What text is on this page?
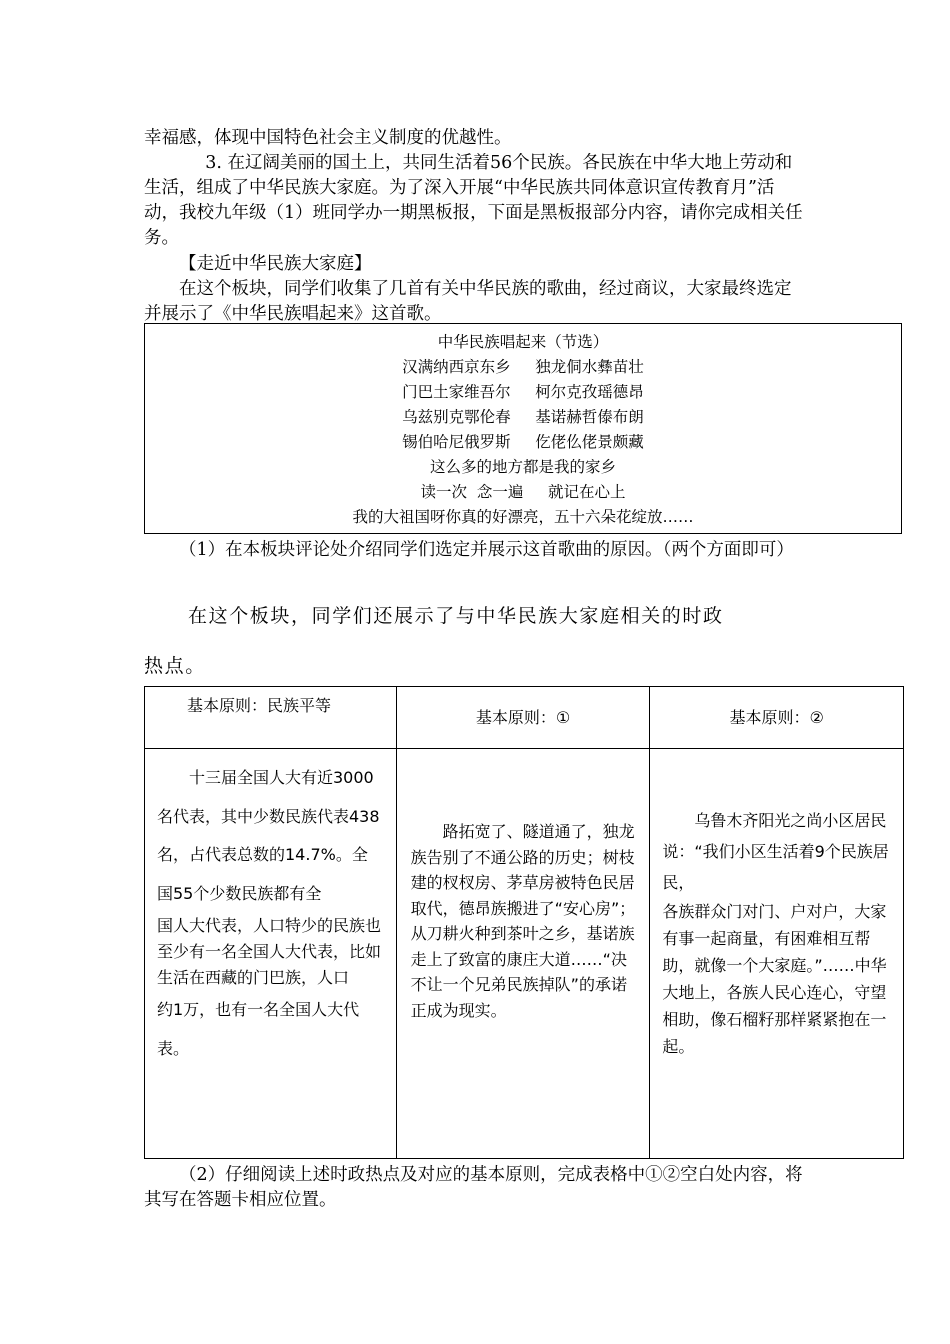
幸福感，体现中国特色社会主义制度的优越性。

3. 在辽阔美丽的国土上，共同生活着56个民族。各民族在中华大地上劳动和生活，组成了中华民族大家庭。为了深入开展“中华民族共同体意识宣传教育月”活动，我校九年级（1）班同学办一期黑板报，下面是黑板报部分内容，请你完成相关任务。

【走近中华民族大家庭】

在这个板块，同学们收集了几首有关中华民族的歌曲，经过商议，大家最终选定并展示了《中华民族唱起来》这首歌。

中华民族唱起来（节选）
汉满纳西京东乡     独龙侗水彝苗壮
门巴土家维吾尔     柯尔克孜瑶德昂
乌兹别克鄂伦春     基诺赫哲傣布朗
锡伯哈尼俄罗斯     仡佬仫佬景颇藏
这么多的地方都是我的家乡
读一次  念一遍     就记在心上
我的大祖国呀你真的好漂亮，五十六朵花绽放……

（1）在本板块评论处介绍同学们选定并展示这首歌曲的原因。（两个方面即可）

在这个板块，同学们还展示了与中华民族大家庭相关的时政

热点。

基本原则：民族平等	基本原则：①	基本原则：②

十三届全国人大有近3000名代表，其中少数民族代表438名，占代表总数的14.7%。全国55个少数民族都有全
国人大代表，人口特少的民族也至少有一名全国人大代表，比如生活在西藏的门巴族，人口
约1万，也有一名全国人大代表。	路拓宽了、隧道通了，独龙族告别了不通公路的历史；树枝建的杈杈房、茅草房被特色民居取代，德昂族搬进了“安心房”；从刀耕火种到茶叶之乡，基诺族走上了致富的康庄大道……“决不让一个兄弟民族掉队”的承诺正成为现实。	乌鲁木齐阳光之尚小区居民说：“我们小区生活着9个民族居民，
各族群众门对门、户对户，大家有事一起商量，有困难相互帮助，就像一个大家庭。”……中华大地上，各族人民心连心，守望相助，像石榴籽那样紧紧抱在一起。

（2）仔细阅读上述时政热点及对应的基本原则，完成表格中①②空白处内容，将其写在答题卡相应位置。
